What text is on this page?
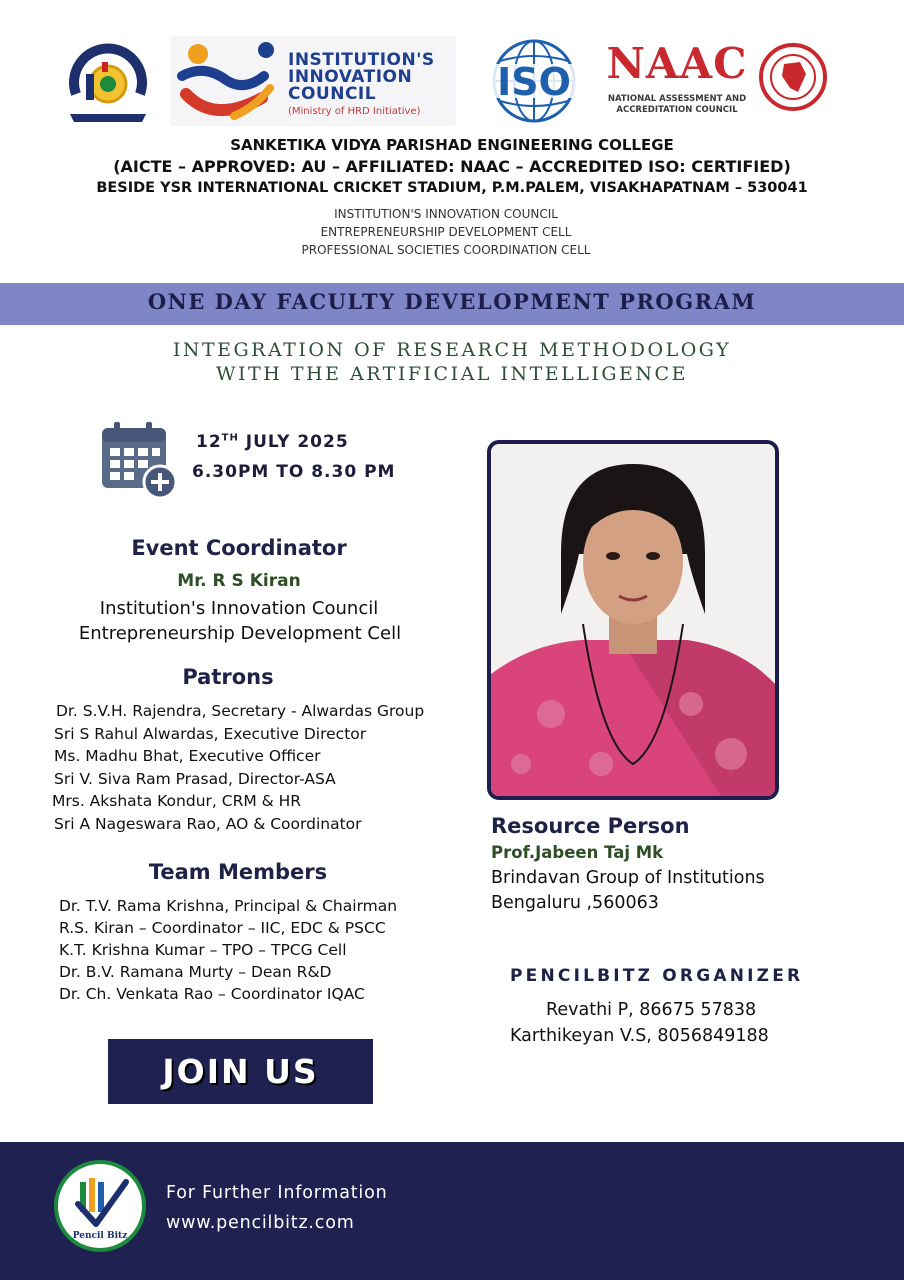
INSTITUTION'S
INNOVATION
COUNCIL
(Ministry of HRD Initiative)
ISO NAAC
NATIONAL ASSESSMENT AND
ACCREDITATION COUNCIL
SANKETIKA VIDYA PARISHAD ENGINEERING COLLEGE
(AICTE – APPROVED: AU – AFFILIATED: NAAC – ACCREDITED ISO: CERTIFIED)
BESIDE YSR INTERNATIONAL CRICKET STADIUM, P.M.PALEM, VISAKHAPATNAM – 530041
INSTITUTION'S INNOVATION COUNCIL
ENTREPRENEURSHIP DEVELOPMENT CELL
PROFESSIONAL SOCIETIES COORDINATION CELL
ONE DAY FACULTY DEVELOPMENT PROGRAM
INTEGRATION OF RESEARCH METHODOLOGY
WITH THE ARTIFICIAL INTELLIGENCE
12TH JULY 2025
6.30PM TO 8.30 PM
Event Coordinator
Mr. R S Kiran
Institution's Innovation Council
Entrepreneurship Development Cell
Patrons
Dr. S.V.H. Rajendra, Secretary - Alwardas Group
Sri S Rahul Alwardas, Executive Director
Ms. Madhu Bhat, Executive Officer
Sri V. Siva Ram Prasad, Director-ASA
Mrs. Akshata Kondur, CRM & HR
Sri A Nageswara Rao, AO & Coordinator
Team Members
Dr. T.V. Rama Krishna, Principal & Chairman
R.S. Kiran – Coordinator – IIC, EDC & PSCC
K.T. Krishna Kumar – TPO – TPCG Cell
Dr. B.V. Ramana Murty – Dean R&D
Dr. Ch. Venkata Rao – Coordinator IQAC
Resource Person
Prof.Jabeen Taj Mk
Brindavan Group of Institutions
Bengaluru ,560063
PENCILBITZ ORGANIZER
Revathi P, 86675 57838
Karthikeyan V.S, 8056849188
JOIN US
Pencil Bitz
For Further Information
www.pencilbitz.com
